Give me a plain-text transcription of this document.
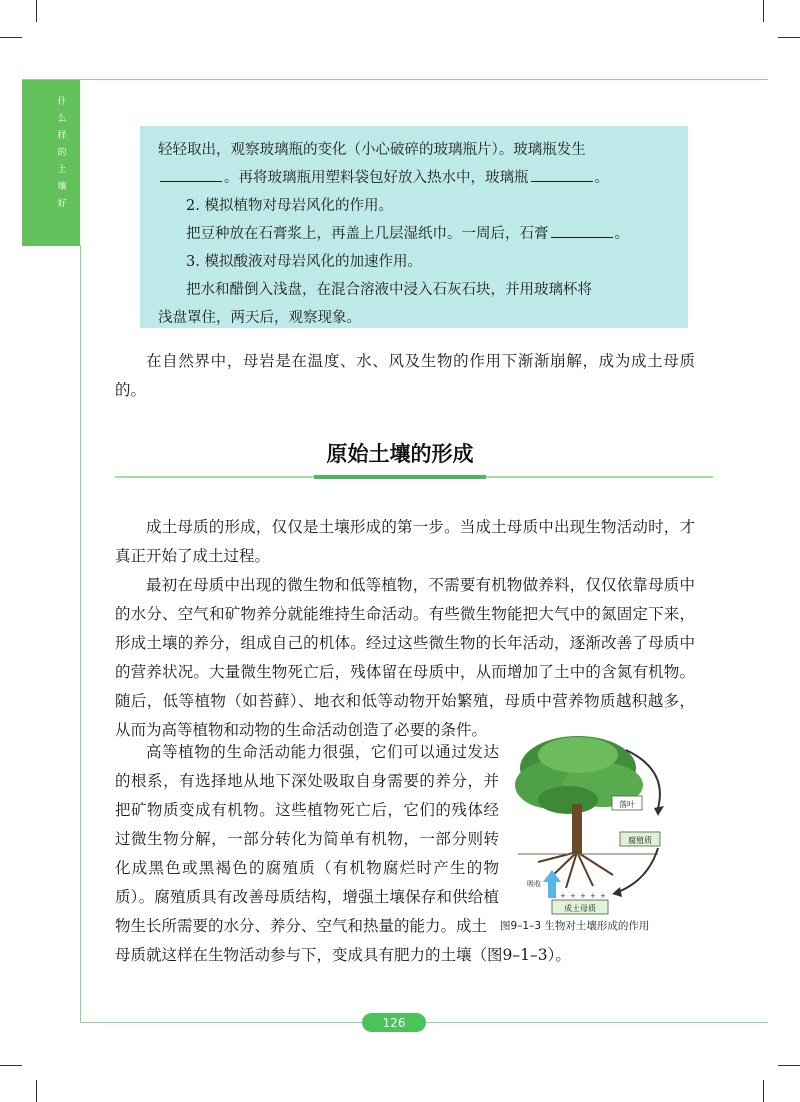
什
么
样
的
土
壤
好

轻轻取出，观察玻璃瓶的变化（小心破碎的玻璃瓶片）。玻璃瓶发生

。再将玻璃瓶用塑料袋包好放入热水中，玻璃瓶	。

2. 模拟植物对母岩风化的作用。

把豆种放在石膏浆上，再盖上几层湿纸巾。一周后，石膏	。

3. 模拟酸液对母岩风化的加速作用。

把水和醋倒入浅盘，在混合溶液中浸入石灰石块，并用玻璃杯将

浅盘罩住，两天后，观察现象。

在自然界中，母岩是在温度、水、风及生物的作用下渐渐崩解，成为成土母质的。

原始土壤的形成

成土母质的形成，仅仅是土壤形成的第一步。当成土母质中出现生物活动时，才真正开始了成土过程。

最初在母质中出现的微生物和低等植物，不需要有机物做养料，仅仅依靠母质中的水分、空气和矿物养分就能维持生命活动。有些微生物能把大气中的氮固定下来，形成土壤的养分，组成自己的机体。经过这些微生物的长年活动，逐渐改善了母质中的营养状况。大量微生物死亡后，残体留在母质中，从而增加了土中的含氮有机物。随后，低等植物（如苔藓）、地衣和低等动物开始繁殖，母质中营养物质越积越多，从而为高等植物和动物的生命活动创造了必要的条件。

高等植物的生命活动能力很强，它们可以通过发达的根系，有选择地从地下深处吸取自身需要的养分，并把矿物质变成有机物。这些植物死亡后，它们的残体经过微生物分解，一部分转化为简单有机物，一部分则转化成黑色或黑褐色的腐殖质（有机物腐烂时产生的物质）。腐殖质具有改善母质结构，增强土壤保存和供给植物生长所需要的水分、养分、空气和热量的能力。成土

母质就这样在生物活动参与下，变成具有肥力的土壤（图9–1–3）。

落叶
腐殖质
吸收
成土母质
+ + + + +
图9–1–3 生物对土壤形成的作用
126
